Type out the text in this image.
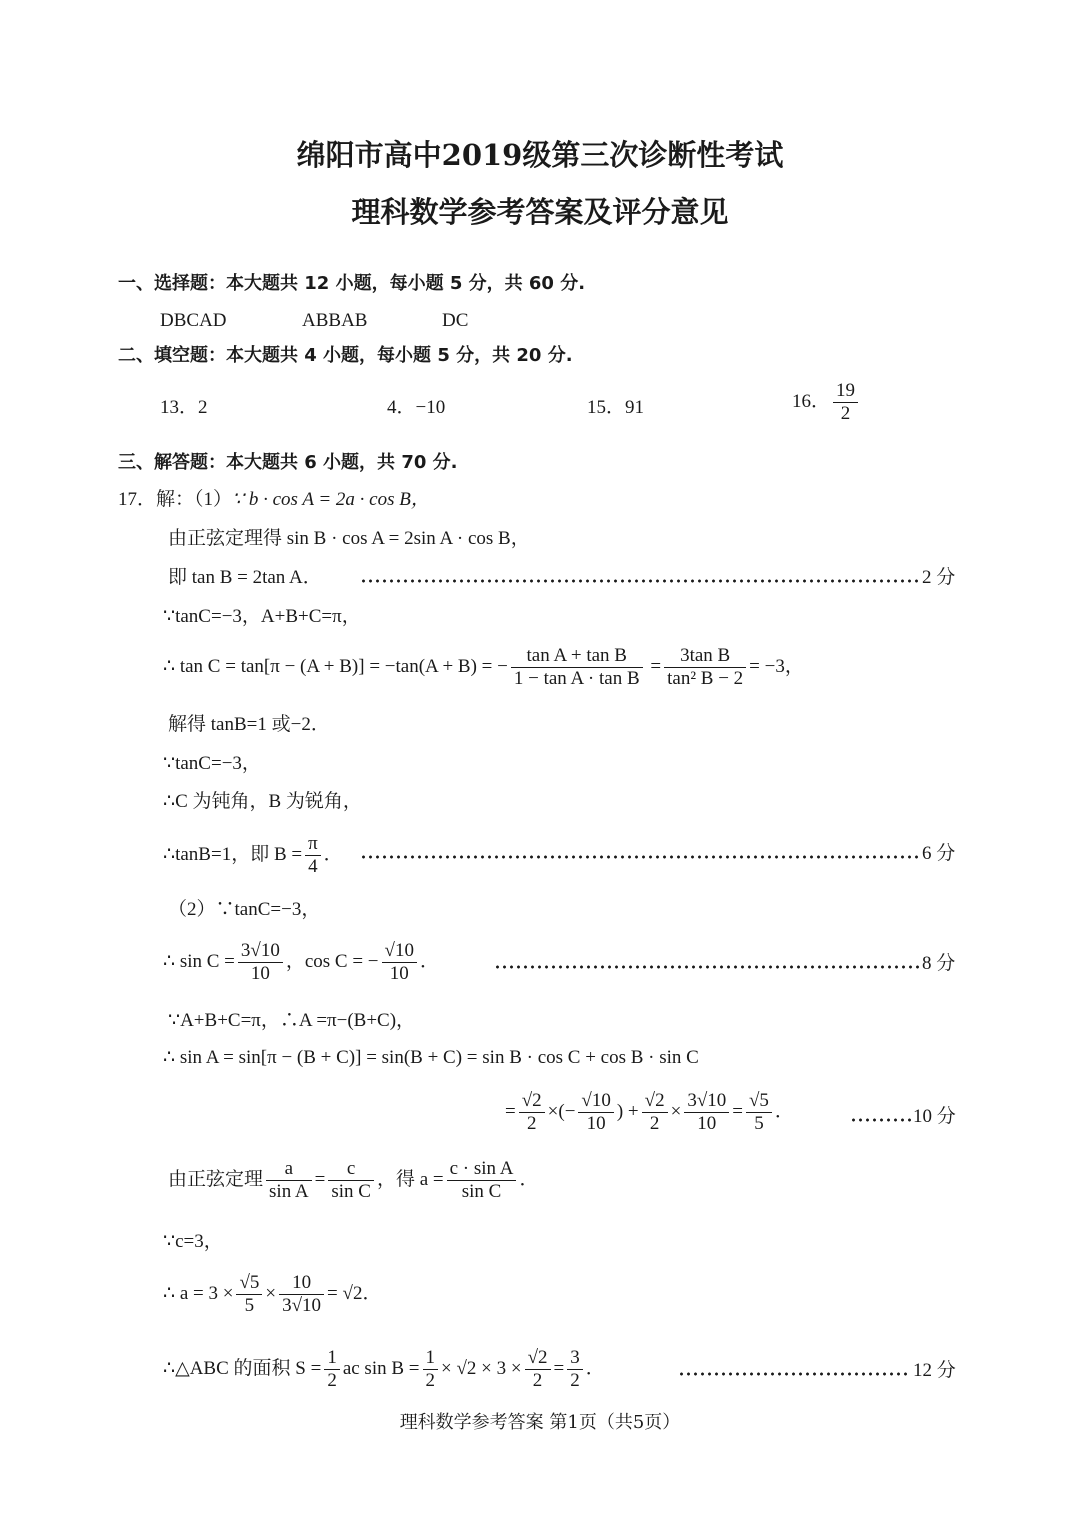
绵阳市高中2019级第三次诊断性考试
理科数学参考答案及评分意见
一、选择题：本大题共 12 小题，每小题 5 分，共 60 分.
DBCAD	ABBAB	DC
二、填空题：本大题共 4 小题，每小题 5 分，共 20 分.
13．2	4．−10	15．91	16． $\frac{19}{2}$
三、解答题：本大题共 6 小题，共 70 分.
17．解：（1）∵ b · cos A = 2a · cos B，
由正弦定理得 sin B · cos A = 2sin A · cos B，
即 tan B = 2tan A．	2 分
∵tanC=−3，A+B+C=π，
∴ tan C = tan[π − (A + B)] = −tan(A + B) = − $\frac{\text{tan A + tan B}}{\text{1 − tan A · tan B}} = \frac{\text{3tan B}}{\text{tan² B − 2}} = -3$，
解得 tanB=1 或−2．
∵tanC=−3，
∴C 为钝角，B 为锐角，
∴tanB=1，即 $B = \frac{\pi}{4}$ ．	6 分
（2）∵tanC=−3，
∴ $\sin C = \frac{3√10}{10}$ ，cos C = − $\frac{√10}{10}$ ．	8 分
∵A+B+C=π，∴A =π−(B+C)，
∴ sin A = sin[π − (B + C)] = sin(B + C) = sin B · cos C + cos B · sin C
= $\frac{√2}{2}$ ×(− $\frac{√10}{10}$ ) + $\frac{√2}{2} \times \frac{3√10}{10} = \frac{√5}{5}$ ．	10 分
由正弦定理 $\frac{a}{\text{sin A}} = \frac{c}{\text{sin C}}$ ，得 $a = \frac{\text{c · sin A}}{\text{sin C}}$ ．
∵c=3，
∴ $a = 3 \times \frac{√5}{5} \times \frac{10}{3√10} = √2$．
∴△ABC 的面积 $S = \frac{1}{2}$ ac $\sin B = \frac{1}{2} \times √2 \times 3 \times \frac{√2}{2} = \frac{3}{2}$ ．	12 分
理科数学参考答案 第1页（共5页）
